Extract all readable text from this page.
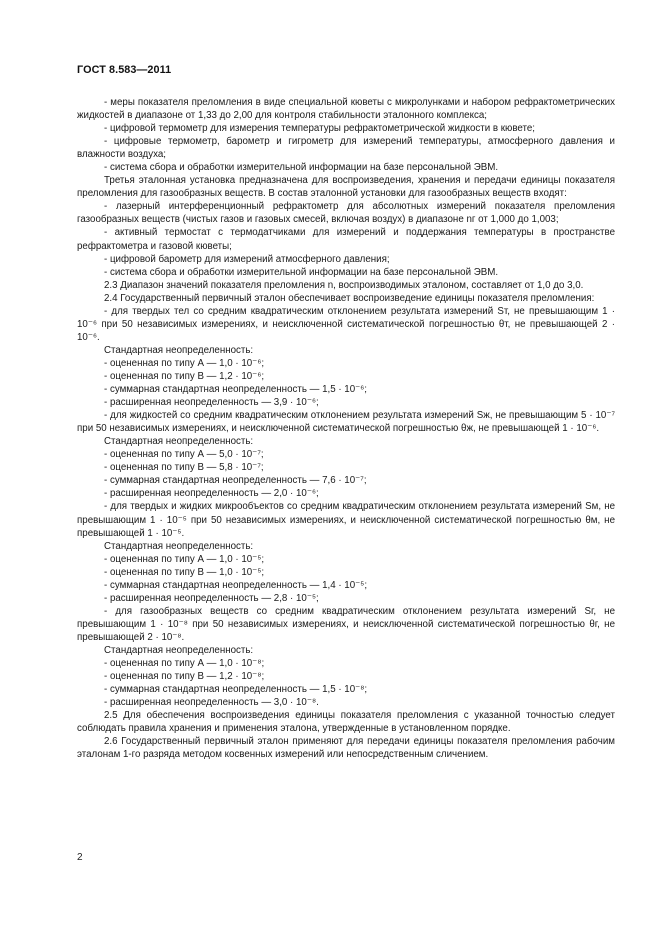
ГОСТ 8.583—2011

- меры показателя преломления в виде специальной кюветы с микролунками и набором рефрактометрических жидкостей в диапазоне от 1,33 до 2,00 для контроля стабильности эталонного комплекса;

- цифровой термометр для измерения температуры рефрактометрической жидкости в кювете;

- цифровые термометр, барометр и гигрометр для измерений температуры, атмосферного давления и влажности воздуха;

- система сбора и обработки измерительной информации на базе персональной ЭВМ.

Третья эталонная установка предназначена для воспроизведения, хранения и передачи единицы показателя преломления для газообразных веществ. В состав эталонной установки для газообразных веществ входят:

- лазерный интерференционный рефрактометр для абсолютных измерений показателя преломления газообразных веществ (чистых газов и газовых смесей, включая воздух) в диапазоне nг от 1,000 до 1,003;

- активный термостат с термодатчиками для измерений и поддержания температуры в пространстве рефрактометра и газовой кюветы;

- цифровой барометр для измерений атмосферного давления;

- система сбора и обработки измерительной информации на базе персональной ЭВМ.

2.3 Диапазон значений показателя преломления n, воспроизводимых эталоном, составляет от 1,0 до 3,0.

2.4 Государственный первичный эталон обеспечивает воспроизведение единицы показателя преломления:

- для твердых тел со средним квадратическим отклонением результата измерений Sт, не превышающим 1 · 10⁻⁶ при 50 независимых измерениях, и неисключенной систематической погрешностью θт, не превышающей 2 · 10⁻⁶.

Стандартная неопределенность:

- оцененная по типу А — 1,0 · 10⁻⁶;

- оцененная по типу В — 1,2 · 10⁻⁶;

- суммарная стандартная неопределенность — 1,5 · 10⁻⁶;

- расширенная неопределенность — 3,9 · 10⁻⁶;

- для жидкостей со средним квадратическим отклонением результата измерений Sж, не превышающим 5 · 10⁻⁷ при 50 независимых измерениях, и неисключенной систематической погрешностью θж, не превышающей 1 · 10⁻⁶.

Стандартная неопределенность:

- оцененная по типу А — 5,0 · 10⁻⁷;

- оцененная по типу В — 5,8 · 10⁻⁷;

- суммарная стандартная неопределенность — 7,6 · 10⁻⁷;

- расширенная неопределенность — 2,0 · 10⁻⁶;

- для твердых и жидких микрообъектов со средним квадратическим отклонением результата измерений Sм, не превышающим 1 · 10⁻⁵ при 50 независимых измерениях, и неисключенной систематической погрешностью θм, не превышающей 1 · 10⁻⁵.

Стандартная неопределенность:

- оцененная по типу А — 1,0 · 10⁻⁵;

- оцененная по типу В — 1,0 · 10⁻⁵;

- суммарная стандартная неопределенность — 1,4 · 10⁻⁵;

- расширенная неопределенность — 2,8 · 10⁻⁵;

- для газообразных веществ со средним квадратическим отклонением результата измерений Sг, не превышающим 1 · 10⁻⁸ при 50 независимых измерениях, и неисключенной систематической погрешностью θг, не превышающей 2 · 10⁻⁸.

Стандартная неопределенность:

- оцененная по типу А — 1,0 · 10⁻⁸;

- оцененная по типу В — 1,2 · 10⁻⁸;

- суммарная стандартная неопределенность — 1,5 · 10⁻⁸;

- расширенная неопределенность — 3,0 · 10⁻⁸.

2.5 Для обеспечения воспроизведения единицы показателя преломления с указанной точностью следует соблюдать правила хранения и применения эталона, утвержденные в установленном порядке.

2.6 Государственный первичный эталон применяют для передачи единицы показателя преломления рабочим эталонам 1-го разряда методом косвенных измерений или непосредственным сличением.

2
